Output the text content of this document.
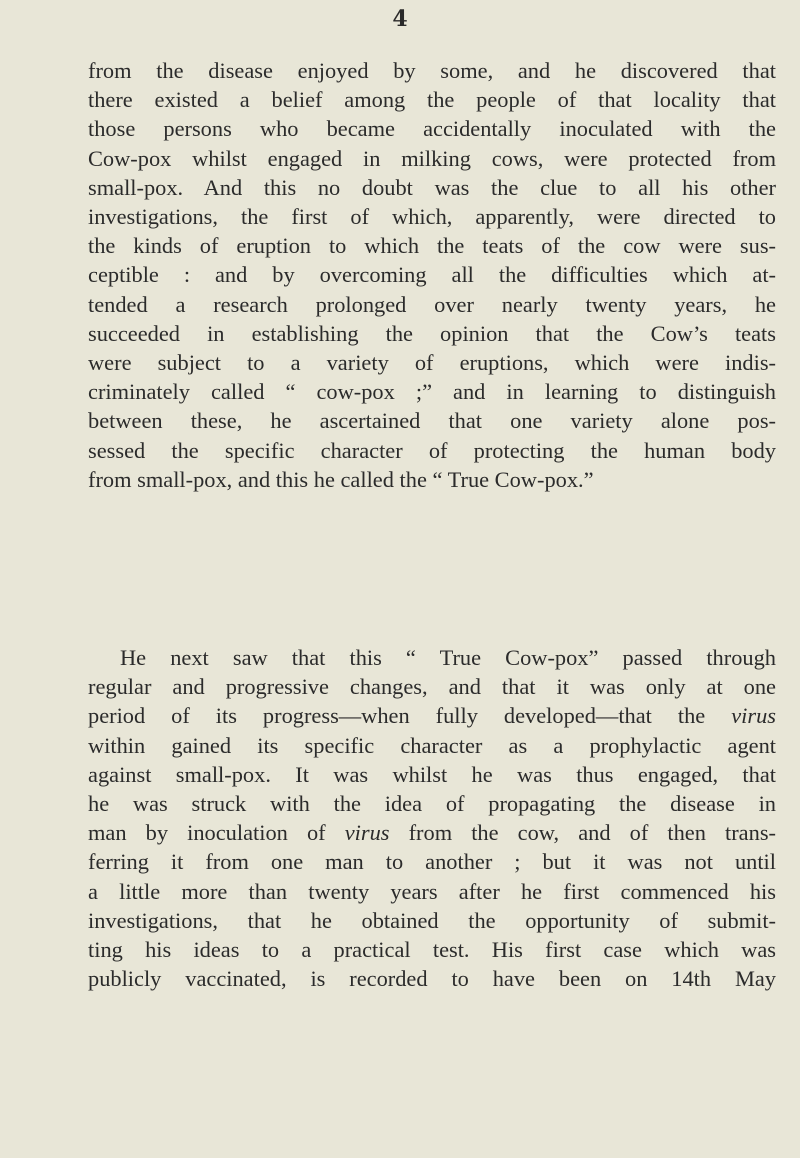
4
from the disease enjoyed by some, and he discovered that
there existed a belief among the people of that locality that
those persons who became accidentally inoculated with the
Cow-pox whilst engaged in milking cows, were protected from
small-pox. And this no doubt was the clue to all his other
investigations, the first of which, apparently, were directed to
the kinds of eruption to which the teats of the cow were sus-
ceptible : and by overcoming all the difficulties which at-
tended a research prolonged over nearly twenty years, he
succeeded in establishing the opinion that the Cow’s teats
were subject to a variety of eruptions, which were indis-
criminately called “ cow-pox ;” and in learning to distinguish
between these, he ascertained that one variety alone pos-
sessed the specific character of protecting the human body
from small-pox, and this he called the “ True Cow-pox.”
He next saw that this “ True Cow-pox” passed through
regular and progressive changes, and that it was only at one
period of its progress—when fully developed—that the virus
within gained its specific character as a prophylactic agent
against small-pox. It was whilst he was thus engaged, that
he was struck with the idea of propagating the disease in
man by inoculation of virus from the cow, and of then trans-
ferring it from one man to another ; but it was not until
a little more than twenty years after he first commenced his
investigations, that he obtained the opportunity of submit-
ting his ideas to a practical test. His first case which was
publicly vaccinated, is recorded to have been on 14th May
